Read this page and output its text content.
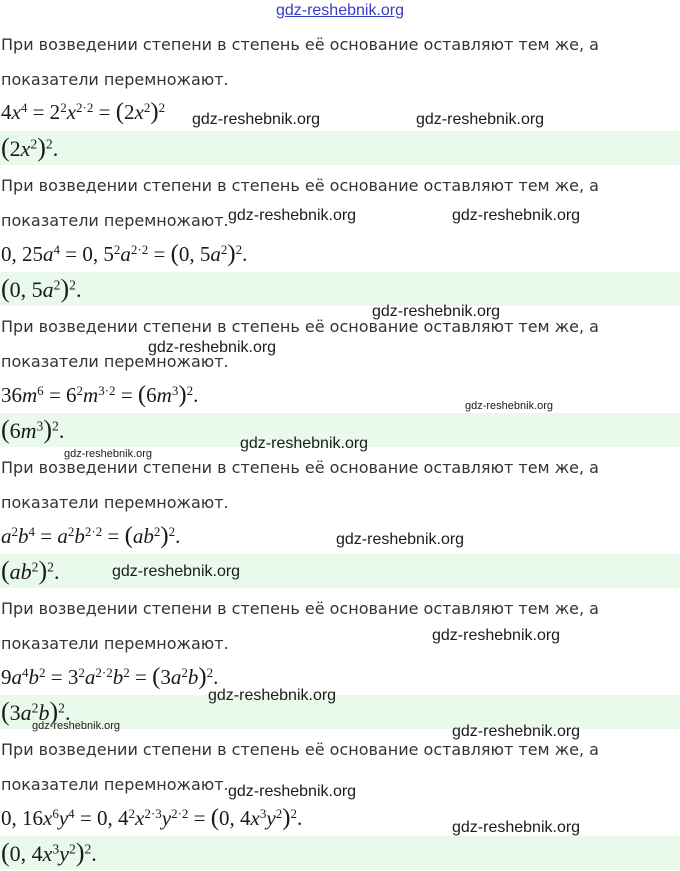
gdz-reshebnik.org
При возведении степени в степень её основание оставляют тем же, а
показатели перемножают.
$4x^4 = 2^2x^{2\cdot 2} = (2x^2)^2$
$(2x^2)^2$.
При возведении степени в степень её основание оставляют тем же, а
показатели перемножают.
0, $25a^4 = 0$, $5^2a^{2\cdot 2} = (0$, $5a^2)^2$.
(0, $5a^2)^2$.
При возведении степени в степень её основание оставляют тем же, а
показатели перемножают.
$36m^6 = 6^2m^{3\cdot 2} = (6m^3)^2$.
$(6m^3)^2$.
При возведении степени в степень её основание оставляют тем же, а
показатели перемножают.
$a^2b^4 = a^2b^{2\cdot 2} = (ab^2)^2$.
$(ab^2)^2$.
При возведении степени в степень её основание оставляют тем же, а
показатели перемножают.
$9a^4b^2 = 3^2a^{2\cdot 2}b^2 = (3a^2b)^2$.
$(3a^2b)^2$.
При возведении степени в степень её основание оставляют тем же, а
показатели перемножают.
0, $16x^6y^4 = 0$, $4^2x^{2\cdot 3}y^{2\cdot 2} = (0$, $4x^3y^2)^2$.
(0, $4x^3y^2)^2$.
gdz-reshebnik.org	gdz-reshebnik.org
gdz-reshebnik.org	gdz-reshebnik.org
gdz-reshebnik.org
gdz-reshebnik.org
gdz-reshebnik.org
gdz-reshebnik.org
gdz-reshebnik.org
gdz-reshebnik.org
gdz-reshebnik.org
gdz-reshebnik.org
gdz-reshebnik.org
gdz-reshebnik.org	gdz-reshebnik.org
gdz-reshebnik.org
gdz-reshebnik.org
